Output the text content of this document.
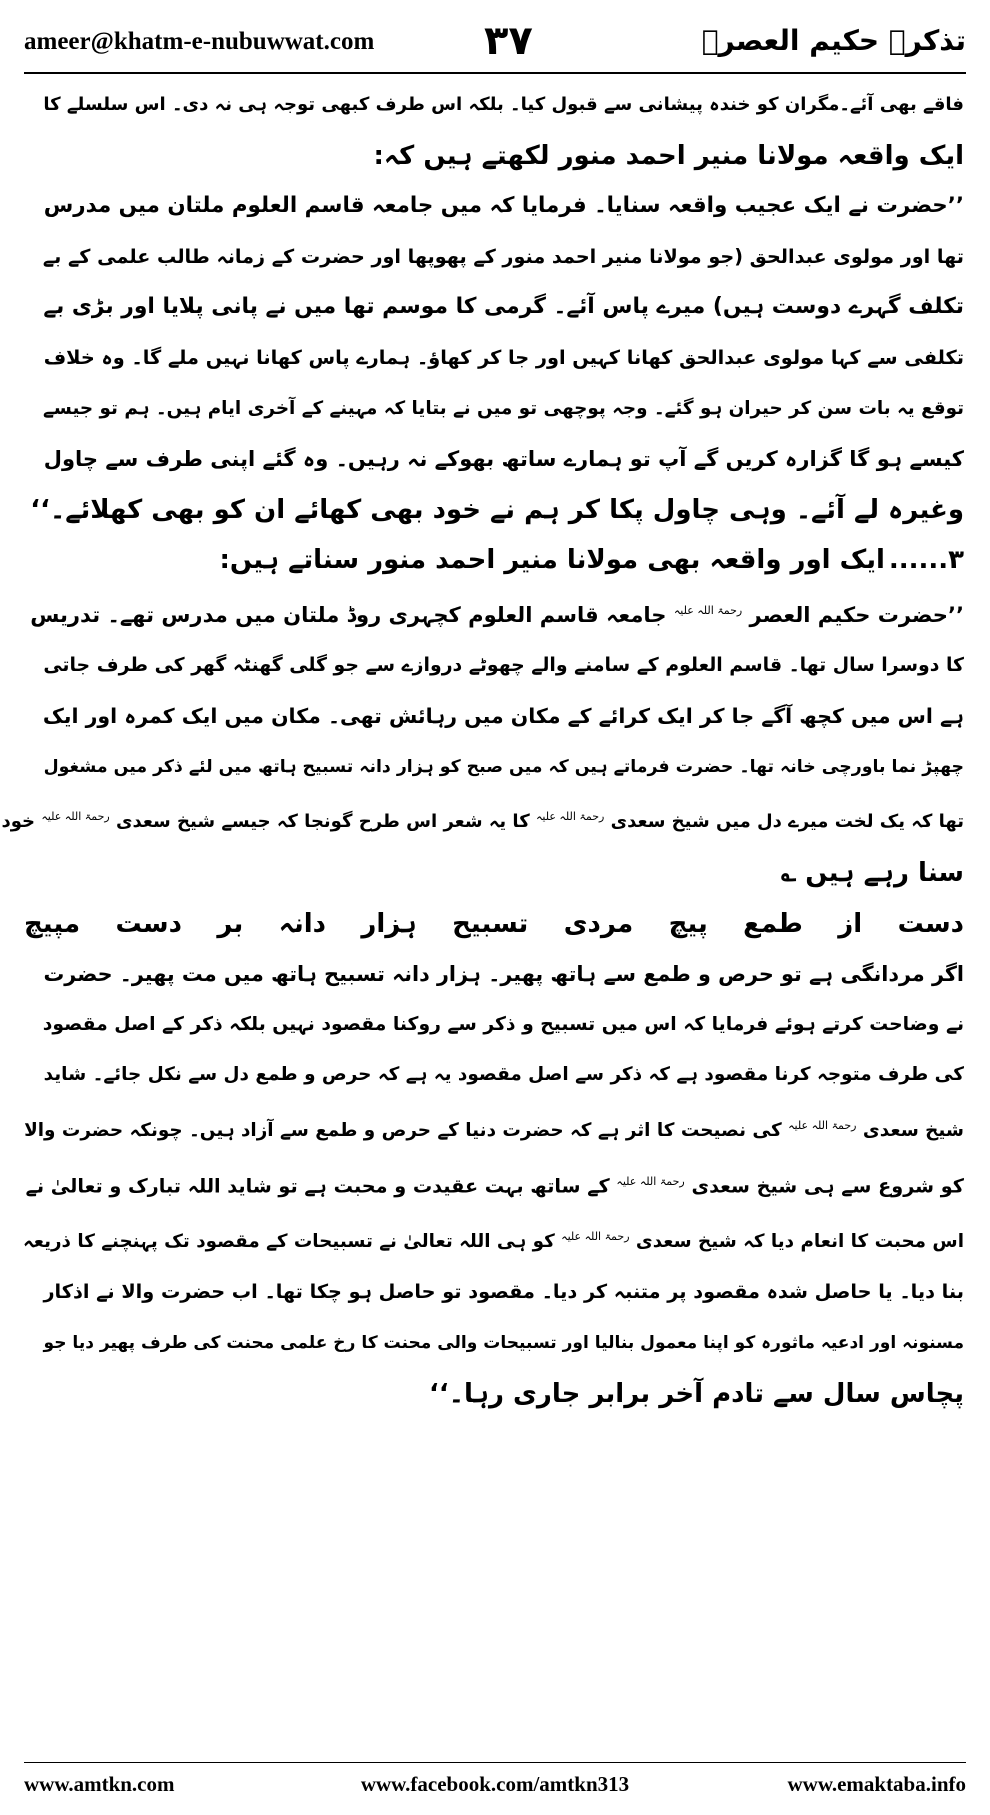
ameer@khatm-e-nubuwwat.com	۳۷	تذکرہ حکیم العصرؒ
فاقے بھی آئے۔مگران کو خندہ پیشانی سے قبول کیا۔ بلکہ اس طرف کبھی توجہ ہی نہ دی۔ اس سلسلے کا
ایک واقعہ مولانا منیر احمد منور لکھتے ہیں کہ:
’’حضرت نے ایک عجیب واقعہ سنایا۔ فرمایا کہ میں جامعہ قاسم العلوم ملتان میں مدرس
تھا اور مولوی عبدالحق (جو مولانا منیر احمد منور کے پھوپھا اور حضرت کے زمانہ طالب علمی کے بے
تکلف گہرے دوست ہیں) میرے پاس آئے۔ گرمی کا موسم تھا میں نے پانی پلایا اور بڑی بے
تکلفی سے کہا مولوی عبدالحق کھانا کہیں اور جا کر کھاؤ۔ ہمارے پاس کھانا نہیں ملے گا۔ وہ خلاف
توقع یہ بات سن کر حیران ہو گئے۔ وجہ پوچھی تو میں نے بتایا کہ مہینے کے آخری ایام ہیں۔ ہم تو جیسے
کیسے ہو گا گزارہ کریں گے آپ تو ہمارے ساتھ بھوکے نہ رہیں۔ وہ گئے اپنی طرف سے چاول
وغیرہ لے آئے۔ وہی چاول پکا کر ہم نے خود بھی کھائے ان کو بھی کھلائے۔‘‘
۳...... ایک اور واقعہ بھی مولانا منیر احمد منور سناتے ہیں:
’’حضرت حکیم العصر $^{رحمۃ اللہ علیہ}$ جامعہ قاسم العلوم کچہری روڈ ملتان میں مدرس تھے۔ تدریس
کا دوسرا سال تھا۔ قاسم العلوم کے سامنے والے چھوٹے دروازے سے جو گلی گھنٹہ گھر کی طرف جاتی
ہے اس میں کچھ آگے جا کر ایک کرائے کے مکان میں رہائش تھی۔ مکان میں ایک کمرہ اور ایک
چھپڑ نما باورچی خانہ تھا۔ حضرت فرماتے ہیں کہ میں صبح کو ہزار دانہ تسبیح ہاتھ میں لئے ذکر میں مشغول
تھا کہ یک لخت میرے دل میں شیخ سعدی $^{رحمۃ اللہ علیہ}$ کا یہ شعر اس طرح گونجا کہ جیسے شیخ سعدی $^{رحمۃ اللہ علیہ}$ خود
سنا رہے ہیں ؎
دست
از
طمع
پیچ
مردی
تسبیح
ہزار
دانہ
بر
دست
مپیچ
اگر مردانگی ہے تو حرص و طمع سے ہاتھ پھیر۔ ہزار دانہ تسبیح ہاتھ میں مت پھیر۔ حضرت
نے وضاحت کرتے ہوئے فرمایا کہ اس میں تسبیح و ذکر سے روکنا مقصود نہیں بلکہ ذکر کے اصل مقصود
کی طرف متوجہ کرنا مقصود ہے کہ ذکر سے اصل مقصود یہ ہے کہ حرص و طمع دل سے نکل جائے۔ شاید
شیخ سعدی $^{رحمۃ اللہ علیہ}$ کی نصیحت کا اثر ہے کہ حضرت دنیا کے حرص و طمع سے آزاد ہیں۔ چونکہ حضرت والا
کو شروع سے ہی شیخ سعدی $^{رحمۃ اللہ علیہ}$ کے ساتھ بہت عقیدت و محبت ہے تو شاید اللہ تبارک و تعالیٰ نے
اس محبت کا انعام دیا کہ شیخ سعدی $^{رحمۃ اللہ علیہ}$ کو ہی اللہ تعالیٰ نے تسبیحات کے مقصود تک پہنچنے کا ذریعہ
بنا دیا۔ یا حاصل شدہ مقصود پر متنبہ کر دیا۔ مقصود تو حاصل ہو چکا تھا۔ اب حضرت والا نے اذکار
مسنونہ اور ادعیہ ماثورہ کو اپنا معمول بنالیا اور تسبیحات والی محنت کا رخ علمی محنت کی طرف پھیر دیا جو
پچاس سال سے تادم آخر برابر جاری رہا۔‘‘
www.amtkn.com	www.facebook.com/amtkn313	www.emaktaba.info
